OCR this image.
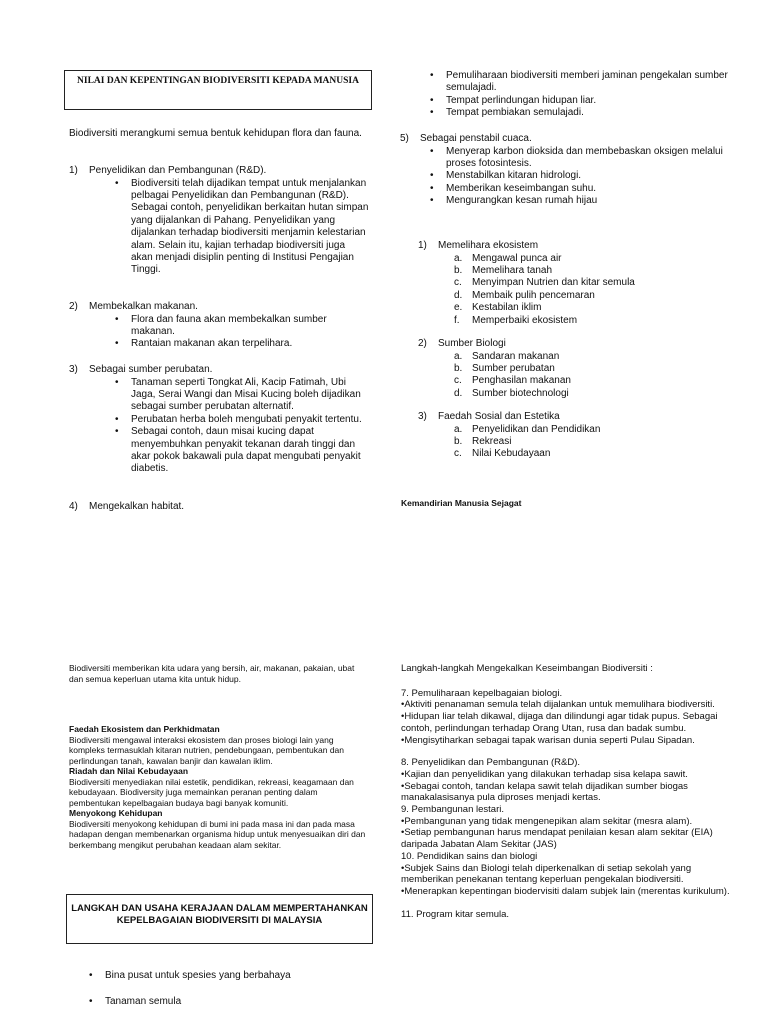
NILAI DAN KEPENTINGAN BIODIVERSITI KEPADA MANUSIA

Biodiversiti merangkumi semua bentuk kehidupan flora dan fauna.

1) Penyelidikan dan Pembangunan (R&D).

• Biodiversiti telah dijadikan tempat untuk menjalankan pelbagai Penyelidikan dan Pembangunan (R&D). Sebagai contoh, penyelidikan berkaitan hutan simpan yang dijalankan di Pahang. Penyelidikan yang dijalankan terhadap biodiversiti menjamin kelestarian alam. Selain itu, kajian terhadap biodiversiti juga akan menjadi disiplin penting di Institusi Pengajian Tinggi.

2) Membekalkan makanan.

• Flora dan fauna akan membekalkan sumber makanan.
• Rantaian makanan akan terpelihara.

3) Sebagai sumber perubatan.

• Tanaman seperti Tongkat Ali, Kacip Fatimah, Ubi Jaga, Serai Wangi dan Misai Kucing boleh dijadikan sebagai sumber perubatan alternatif.
• Perubatan herba boleh mengubati penyakit tertentu.
• Sebagai contoh, daun misai kucing dapat menyembuhkan penyakit tekanan darah tinggi dan akar pokok bakawali pula dapat mengubati penyakit diabetis.

4) Mengekalkan habitat.

Biodiversiti memberikan kita udara yang bersih, air, makanan, pakaian, ubat dan semua keperluan utama kita untuk hidup.

Faedah Ekosistem dan Perkhidmatan

Biodiversiti mengawal interaksi ekosistem dan proses biologi lain yang kompleks termasuklah kitaran nutrien, pendebungaan, pembentukan dan perlindungan tanah, kawalan banjir dan kawalan iklim.

Riadah dan Nilai Kebudayaan

Biodiversiti menyediakan nilai estetik, pendidikan, rekreasi, keagamaan dan kebudayaan. Biodiversity juga memainkan peranan penting dalam pembentukan kepelbagaian budaya bagi banyak komuniti.

Menyokong Kehidupan

Biodiversiti menyokong kehidupan di bumi ini pada masa ini dan pada masa hadapan dengan membenarkan organisma hidup untuk menyesuaikan diri dan berkembang mengikut perubahan keadaan alam sekitar.

LANGKAH DAN USAHA KERAJAAN DALAM MEMPERTAHANKAN KEPELBAGAIAN BIODIVERSITI DI MALAYSIA
• Bina pusat untuk spesies yang berbahaya
• Tanaman semula
• Pemuliharaan biodiversiti memberi jaminan pengekalan sumber semulajadi.
• Tempat perlindungan hidupan liar.
• Tempat pembiakan semulajadi.

5) Sebagai penstabil cuaca.

• Menyerap karbon dioksida dan membebaskan oksigen melalui proses fotosintesis.
• Menstabilkan kitaran hidrologi.
• Memberikan keseimbangan suhu.
• Mengurangkan kesan rumah hijau

1) Memelihara ekosistem

a. Mengawal punca air
b. Memelihara tanah
c. Menyimpan Nutrien dan kitar semula
d. Membaik pulih pencemaran
e. Kestabilan iklim
f. Memperbaiki ekosistem

2) Sumber Biologi

a. Sandaran makanan
b. Sumber perubatan
c. Penghasilan makanan
d. Sumber biotechnologi

3) Faedah Sosial dan Estetika

a. Penyelidikan dan Pendidikan
b. Rekreasi
c. Nilai Kebudayaan

Kemandirian Manusia Sejagat

Langkah-langkah Mengekalkan Keseimbangan Biodiversiti :

7. Pemuliharaan kepelbagaian biologi.

•Aktiviti penanaman semula telah dijalankan untuk memulihara biodiversiti.

•Hidupan liar telah dikawal, dijaga dan dilindungi agar tidak pupus. Sebagai contoh, perlindungan terhadap Orang Utan, rusa dan badak sumbu.

•Mengisytiharkan sebagai tapak warisan dunia seperti Pulau Sipadan.

8. Penyelidikan dan Pembangunan (R&D).

•Kajian dan penyelidikan yang dilakukan terhadap sisa kelapa sawit.

•Sebagai contoh, tandan kelapa sawit telah dijadikan sumber biogas manakalasisanya pula diproses menjadi kertas.

9. Pembangunan lestari.

•Pembangunan yang tidak mengenepikan alam sekitar (mesra alam).

•Setiap pembangunan harus mendapat penilaian kesan alam sekitar (EIA) daripada Jabatan Alam Sekitar (JAS)

10. Pendidikan sains dan biologi

•Subjek Sains dan Biologi telah diperkenalkan di setiap sekolah yang memberikan penekanan tentang keperluan pengekalan biodiversiti.

•Menerapkan kepentingan biodervisiti dalam subjek lain (merentas kurikulum).

11. Program kitar semula.
